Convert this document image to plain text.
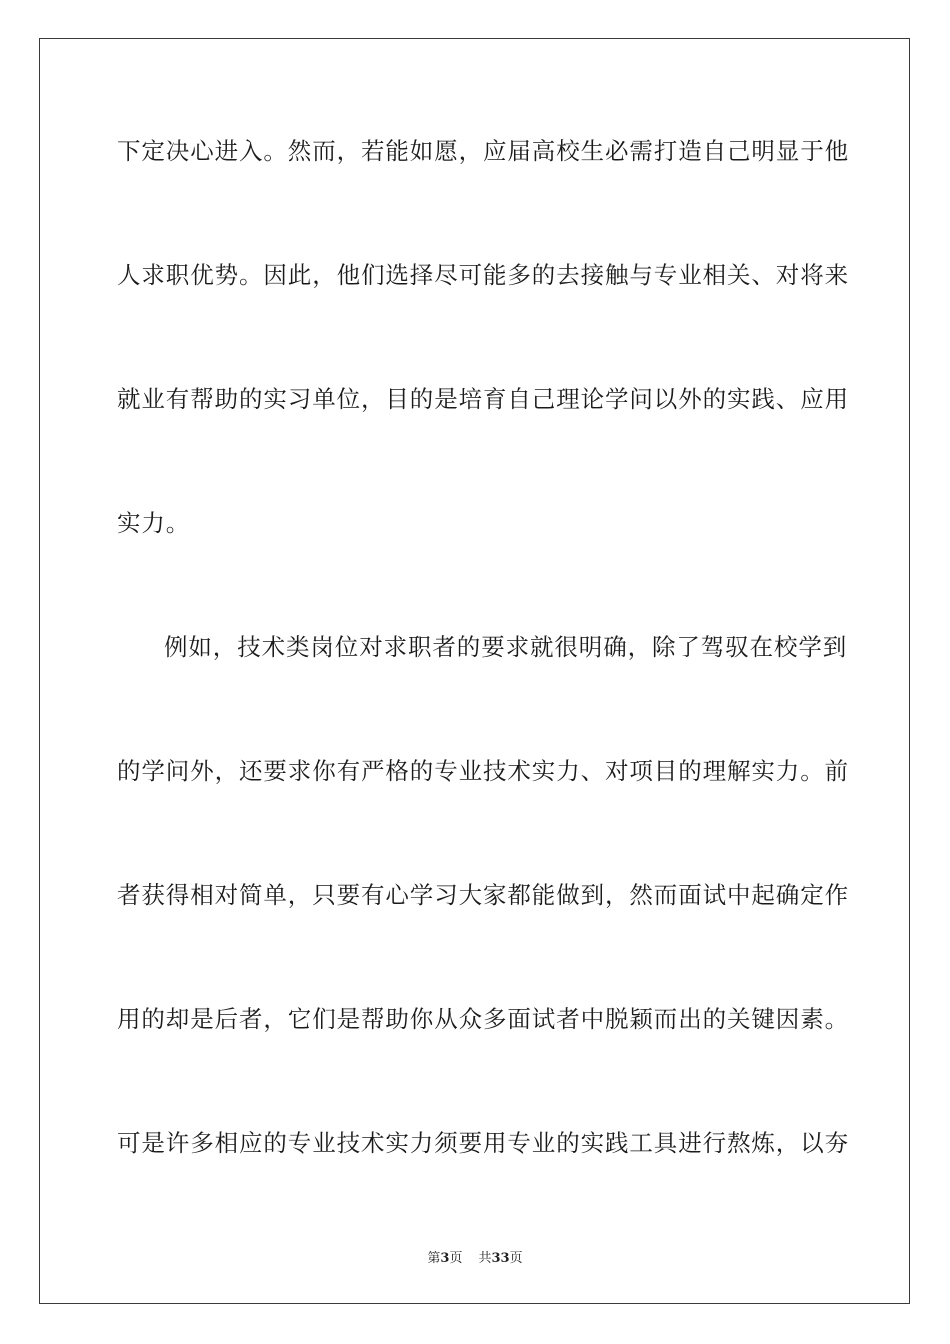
下定决心进入。然而，若能如愿，应届高校生必需打造自己明显于他
人求职优势。因此，他们选择尽可能多的去接触与专业相关、对将来
就业有帮助的实习单位，目的是培育自己理论学问以外的实践、应用
实力。
例如，技术类岗位对求职者的要求就很明确，除了驾驭在校学到
的学问外，还要求你有严格的专业技术实力、对项目的理解实力。前
者获得相对简单，只要有心学习大家都能做到，然而面试中起确定作
用的却是后者，它们是帮助你从众多面试者中脱颖而出的关键因素。
可是许多相应的专业技术实力须要用专业的实践工具进行熬炼，以夯
第3页 共33页
